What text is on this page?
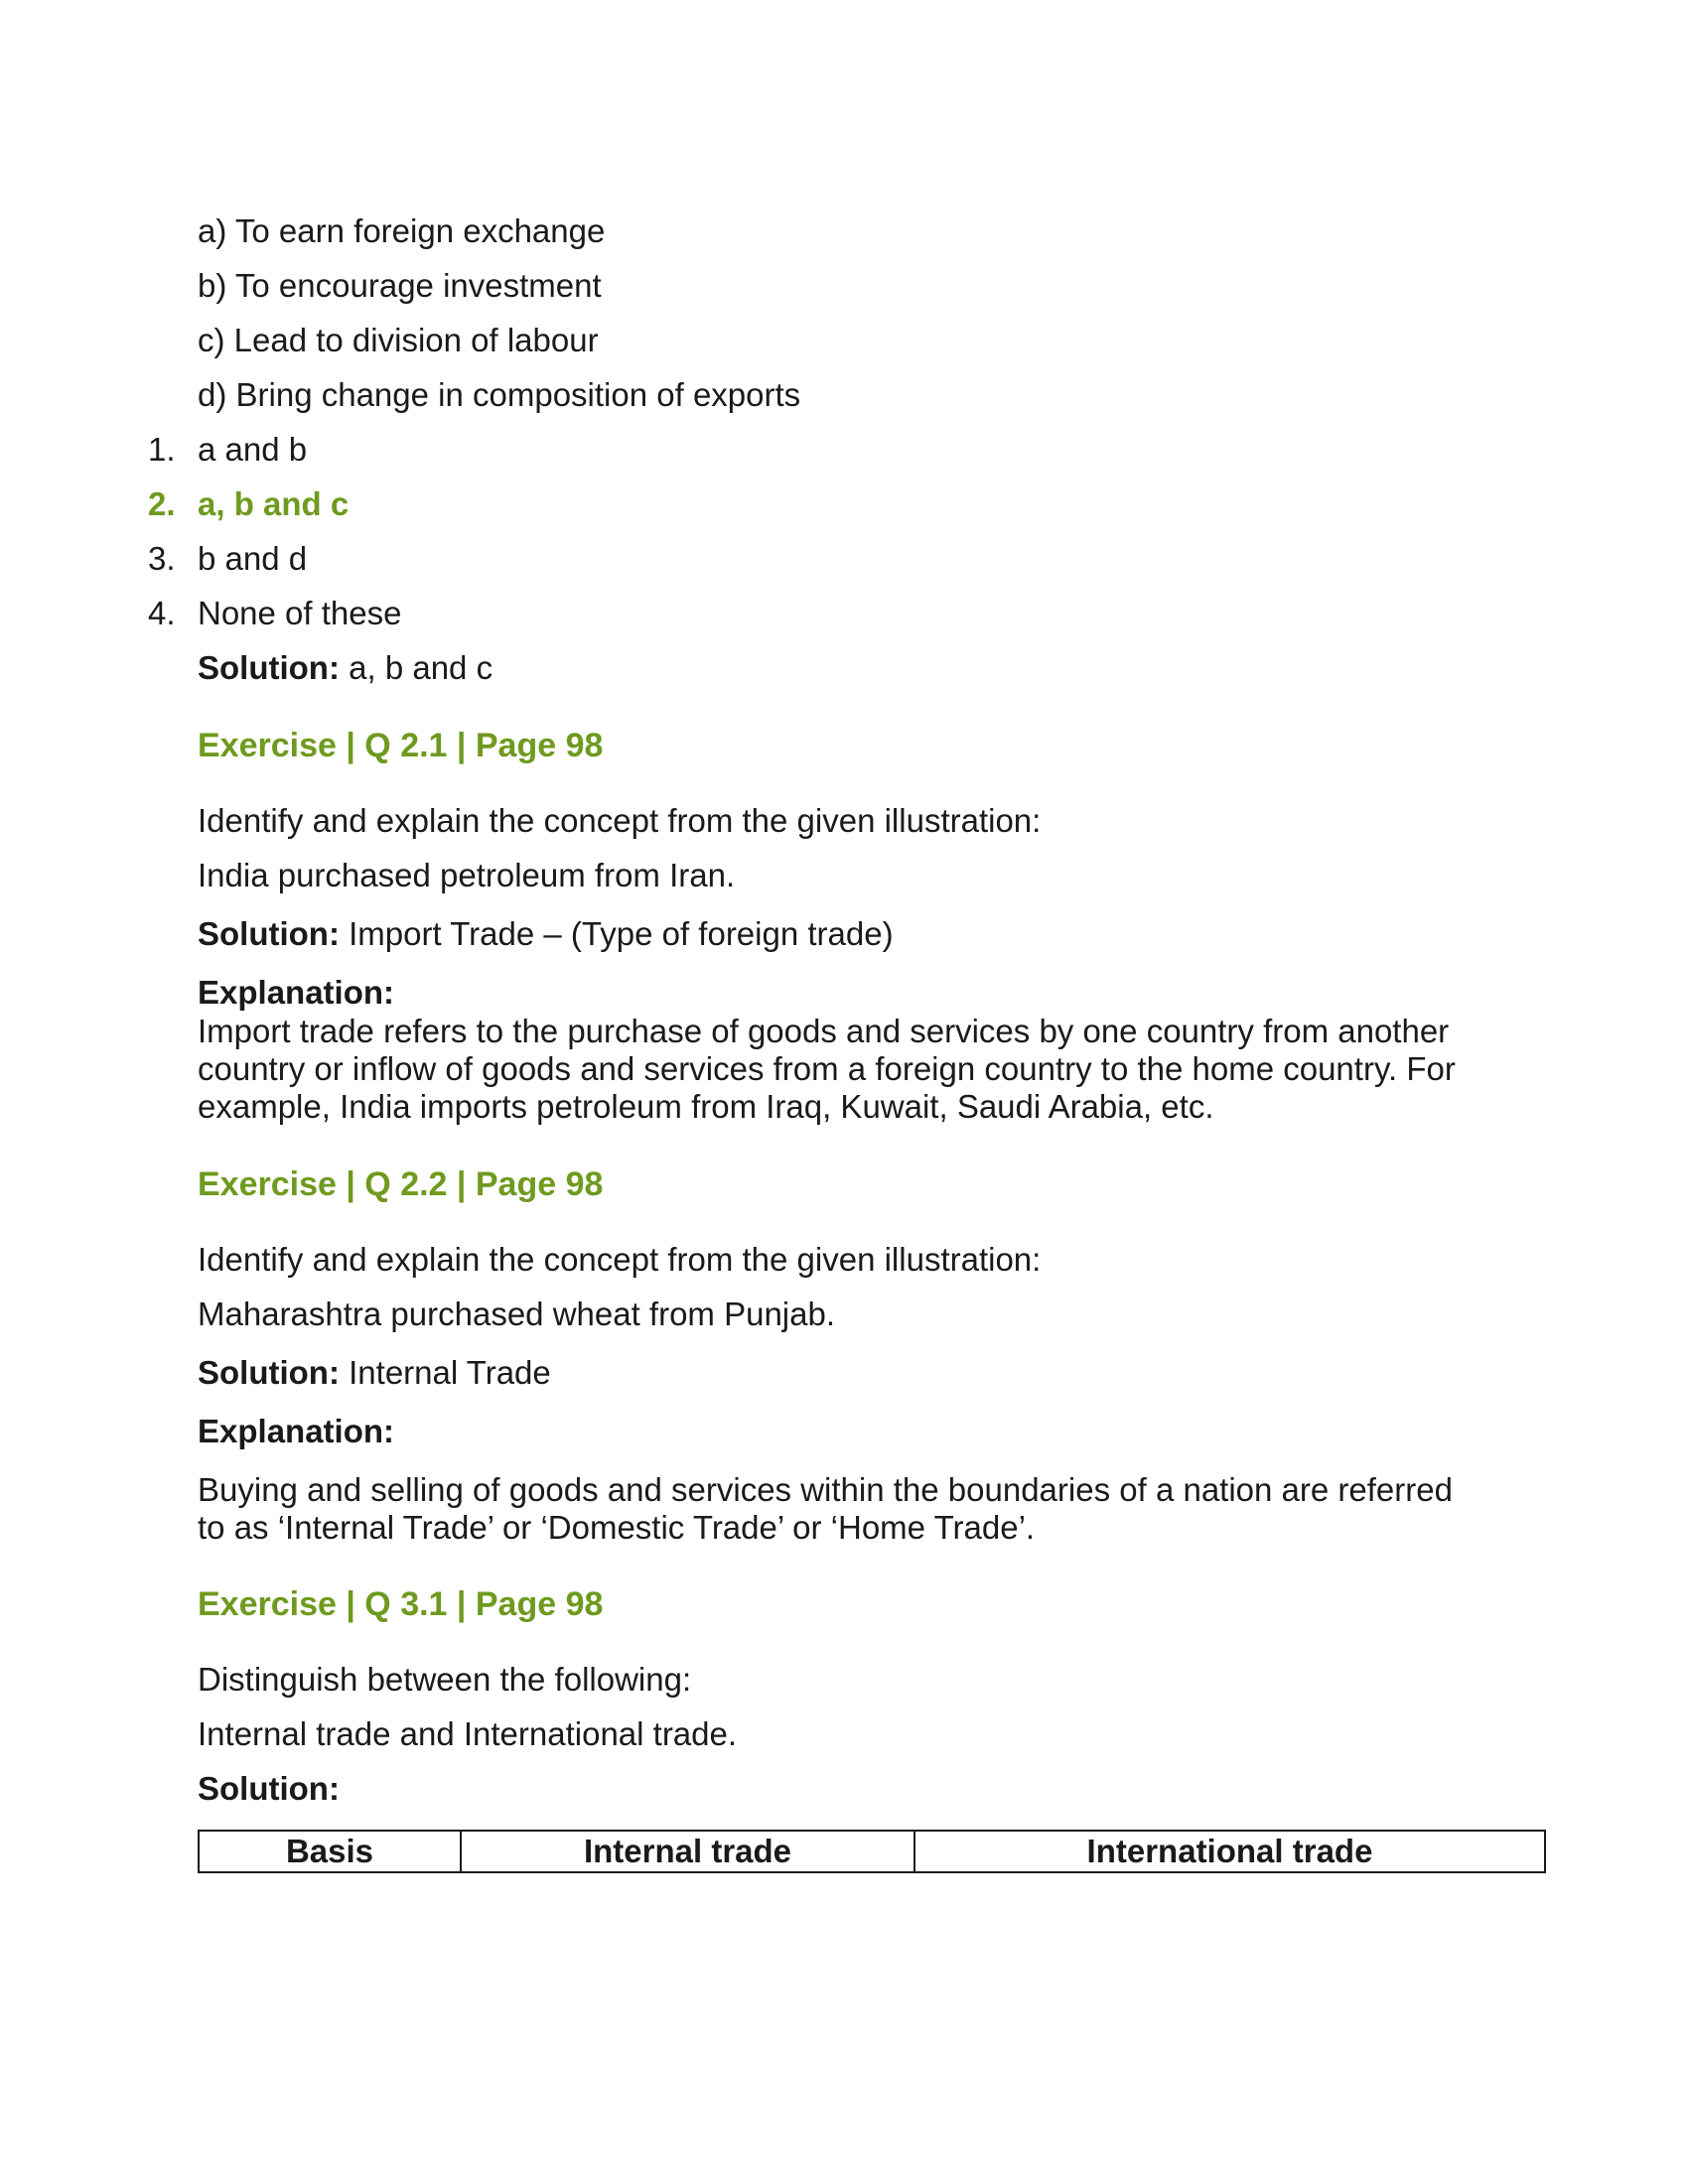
a) To earn foreign exchange
b) To encourage investment
c) Lead to division of labour
d) Bring change in composition of exports
1. a and b
2. a, b and c
3. b and d
4. None of these
Solution: a, b and c
Exercise | Q 2.1 | Page 98
Identify and explain the concept from the given illustration:
India purchased petroleum from Iran.
Solution: Import Trade – (Type of foreign trade)
Explanation:
Import trade refers to the purchase of goods and services by one country from another country or inflow of goods and services from a foreign country to the home country. For example, India imports petroleum from Iraq, Kuwait, Saudi Arabia, etc.
Exercise | Q 2.2 | Page 98
Identify and explain the concept from the given illustration:
Maharashtra purchased wheat from Punjab.
Solution: Internal Trade
Explanation:
Buying and selling of goods and services within the boundaries of a nation are referred to as ‘Internal Trade’ or ‘Domestic Trade’ or ‘Home Trade’.
Exercise | Q 3.1 | Page 98
Distinguish between the following:
Internal trade and International trade.
Solution:
Basis	Internal trade	International trade
